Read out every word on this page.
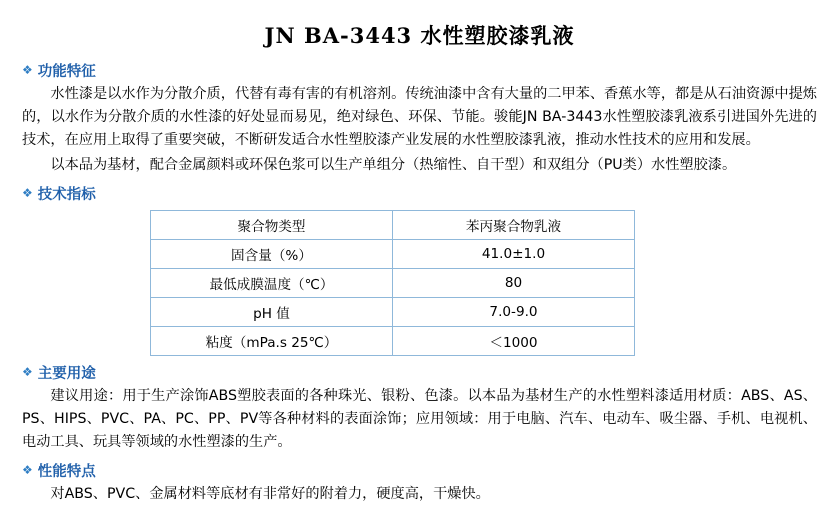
JN BA-3443 水性塑胶漆乳液
❖ 功能特征

水性漆是以水作为分散介质，代替有毒有害的有机溶剂。传统油漆中含有大量的二甲苯、香蕉水等，都是从石油资源中提炼的，以水作为分散介质的水性漆的好处显而易见，绝对绿色、环保、节能。骏能JN BA-3443水性塑胶漆乳液系引进国外先进的技术，在应用上取得了重要突破，不断研发适合水性塑胶漆产业发展的水性塑胶漆乳液，推动水性技术的应用和发展。

以本品为基材，配合金属颜料或环保色浆可以生产单组分（热缩性、自干型）和双组分（PU类）水性塑胶漆。

❖ 技术指标
聚合物类型	苯丙聚合物乳液
固含量（%）	41.0±1.0
最低成膜温度（℃）	80
pH 值	7.0-9.0
粘度（mPa.s 25℃）	＜1000
❖ 主要用途

建议用途：用于生产涂饰ABS塑胶表面的各种珠光、银粉、色漆。以本品为基材生产的水性塑料漆适用材质：ABS、AS、PS、HIPS、PVC、PA、PC、PP、PV等各种材料的表面涂饰；应用领域：用于电脑、汽车、电动车、吸尘器、手机、电视机、电动工具、玩具等领域的水性塑漆的生产。

❖ 性能特点

对ABS、PVC、金属材料等底材有非常好的附着力，硬度高，干燥快。
